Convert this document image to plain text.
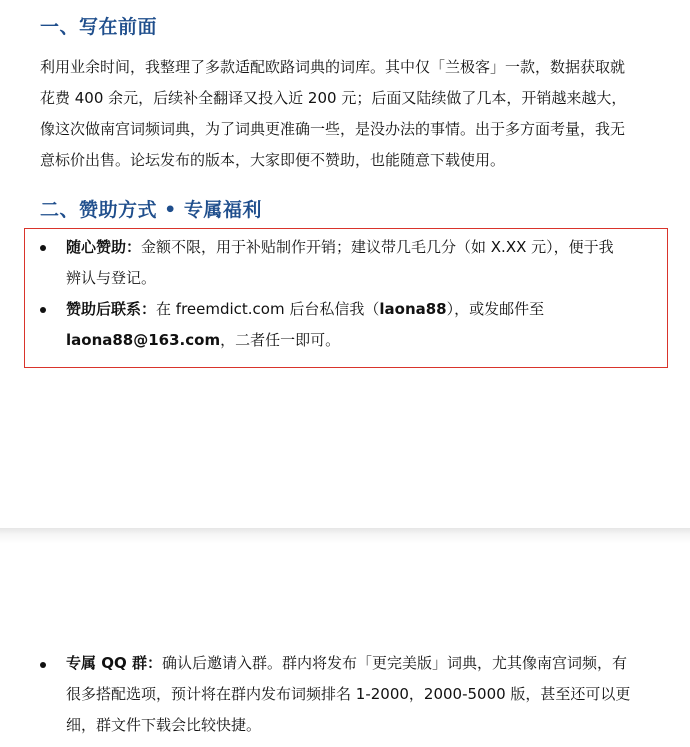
一、写在前面
利用业余时间，我整理了多款适配欧路词典的词库。其中仅「兰极客」一款，数据获取就
花费 400 余元，后续补全翻译又投入近 200 元；后面又陆续做了几本，开销越来越大，
像这次做南宫词频词典，为了词典更准确一些，是没办法的事情。出于多方面考量，我无
意标价出售。论坛发布的版本，大家即便不赞助，也能随意下载使用。
二、赞助方式 • 专属福利
随心赞助：金额不限，用于补贴制作开销；建议带几毛几分（如 X.XX 元），便于我
辨认与登记。
赞助后联系：在 freemdict.com 后台私信我（laona88），或发邮件至
laona88@163.com，二者任一即可。
专属 QQ 群：确认后邀请入群。群内将发布「更完美版」词典，尤其像南宫词频，有
很多搭配选项，预计将在群内发布词频排名 1-2000，2000-5000 版，甚至还可以更
细，群文件下载会比较快捷。
